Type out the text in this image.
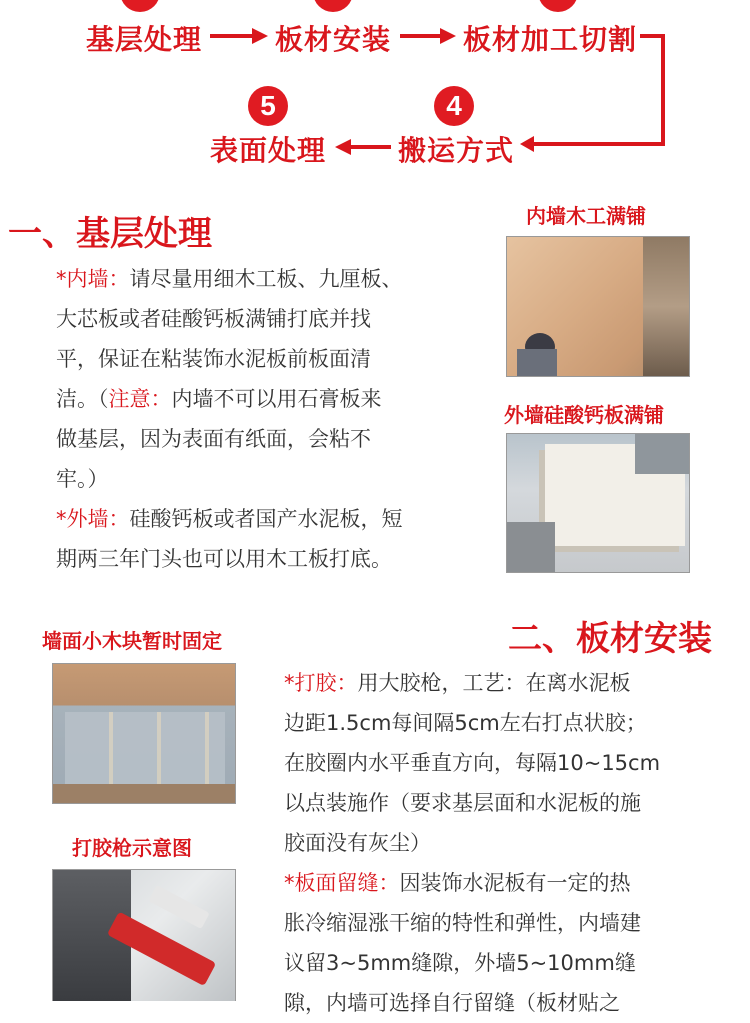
基层处理	板材安装	板材加工切割
4
5
搬运方式
表面处理
一、基层处理

*内墙：请尽量用细木工板、九厘板、

大芯板或者硅酸钙板满铺打底并找

平，保证在粘装饰水泥板前板面清

洁。（注意：内墙不可以用石膏板来

做基层，因为表面有纸面，会粘不

牢。）

*外墙：硅酸钙板或者国产水泥板，短

期两三年门头也可以用木工板打底。

内墙木工满铺
外墙硅酸钙板满铺
二、板材安装
墙面小木块暂时固定
打胶枪示意图

*打胶：用大胶枪，工艺：在离水泥板

边距1.5cm每间隔5cm左右打点状胶；

在胶圈内水平垂直方向，每隔10~15cm

以点装施作（要求基层面和水泥板的施

胶面没有灰尘）

*板面留缝：因装饰水泥板有一定的热

胀冷缩湿涨干缩的特性和弹性，内墙建

议留3~5mm缝隙，外墙5~10mm缝

隙，内墙可选择自行留缝（板材贴之
